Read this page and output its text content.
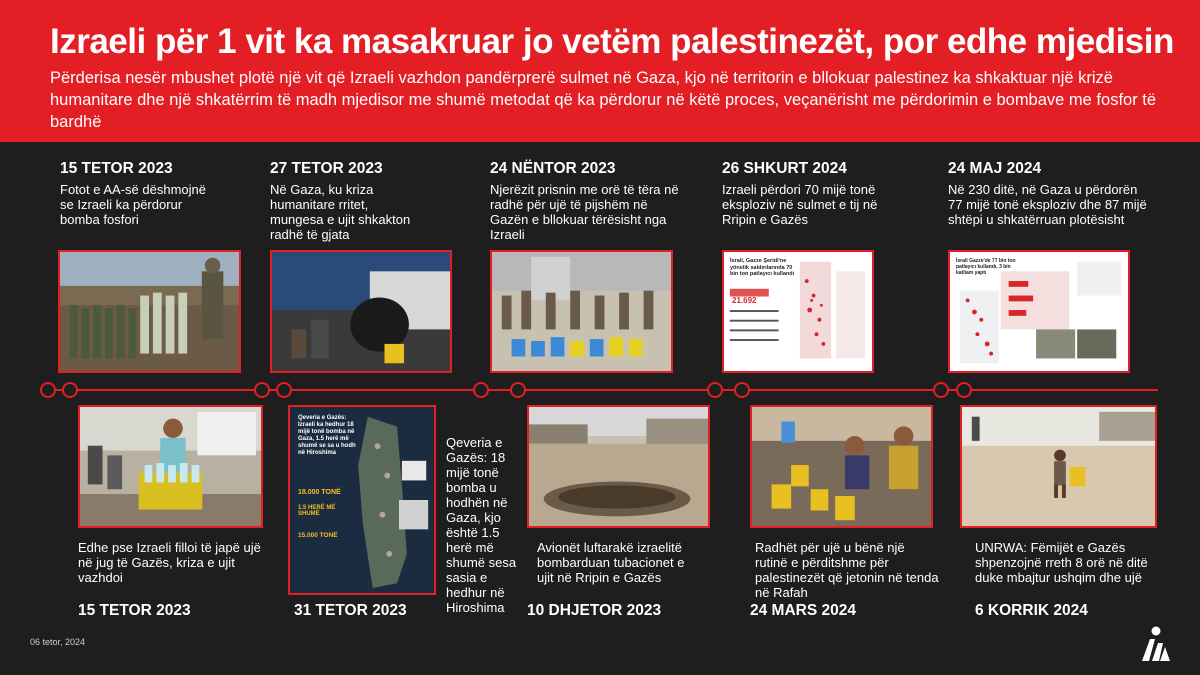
Izraeli për 1 vit ka masakruar jo vetëm palestinezët, por edhe mjedisin
Përderisa nesër mbushet plotë një vit që Izraeli vazhdon pandërprerë sulmet në Gaza, kjo në territorin e bllokuar palestinez ka shkaktuar një krizë humanitare dhe një shkatërrim të madh mjedisor me shumë metodat që ka përdorur në këtë proces, veçanërisht me përdorimin e bombave me fosfor të bardhë
15 TETOR 2023
Fotot e AA-së dëshmojnë se Izraeli ka përdorur bomba fosfori
27 TETOR 2023
Në Gaza, ku kriza humanitare rritet, mungesa e ujit shkakton radhë të gjata
24 NËNTOR 2023
Njerëzit prisnin me orë të tëra në radhë për ujë të pijshëm në Gazën e bllokuar tërësisht nga Izraeli
26 SHKURT 2024
Izraeli përdori 70 mijë tonë eksploziv në sulmet e tij në Rripin e Gazës
24 MAJ 2024
Në 230 ditë, në Gaza u përdorën 77 mijë tonë eksploziv dhe 87 mijë shtëpi u shkatërruan plotësisht
İsrail, Gazze Şeridi'ne yönelik saldırılarında 70 bin ton patlayıcı kullandı
21.692
İsrail Gazze'de 77 bin ton patlayıcı kullandı, 3 bin katliam yaptı
Qeveria e Gazës: Izraeli ka hedhur 18 mijë tonë bomba në Gaza, 1.5 herë më shumë se sa u hodh në Hiroshima
18.000 TONË
1.5 HERË MË SHUMË
15.000 TONË
Edhe pse Izraeli filloi të japë ujë në jug të Gazës, kriza e ujit vazhdoi
Qeveria e Gazës: 18 mijë tonë bomba u hodhën në Gaza, kjo është 1.5 herë më shumë sesa sasia e hedhur në Hiroshima
Avionët luftarakë izraelitë bombarduan tubacionet e ujit në Rripin e Gazës
Radhët për ujë u bënë një rutinë e përditshme për palestinezët që jetonin në tenda në Rafah
UNRWA: Fëmijët e Gazës shpenzojnë rreth 8 orë në ditë duke mbajtur ushqim dhe ujë
15 TETOR 2023	31 TETOR 2023	10 DHJETOR 2023	24 MARS 2024	6 KORRIK 2024
06 tetor, 2024
